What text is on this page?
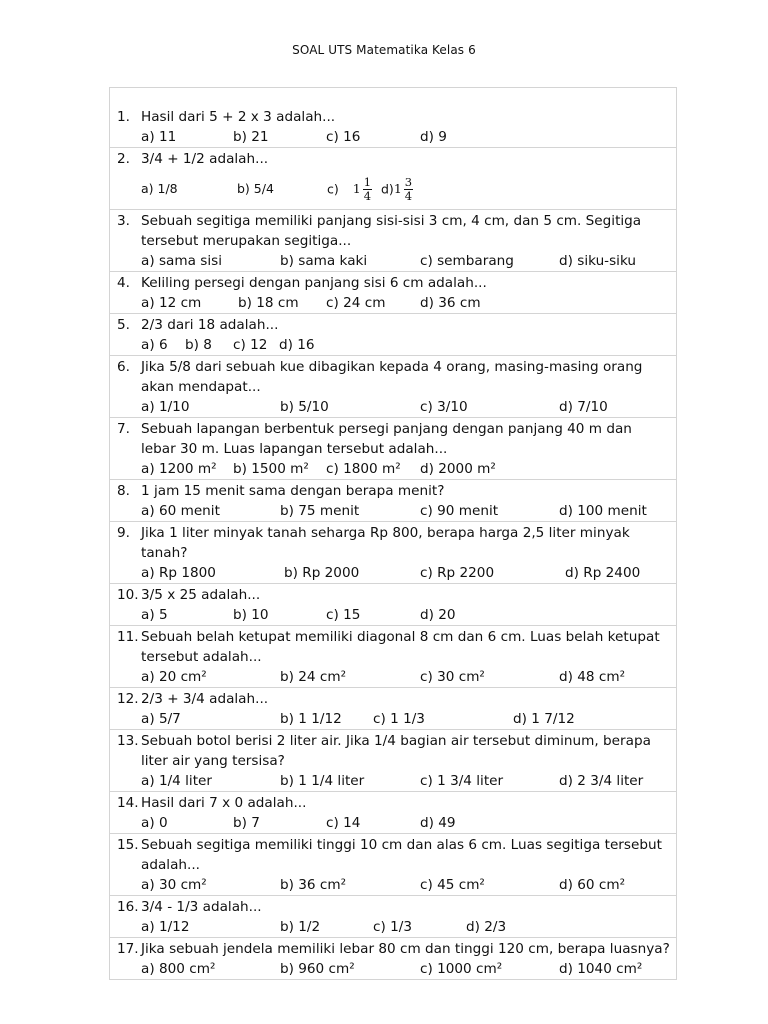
SOAL UTS Matematika Kelas 6
1. Hasil dari 5 + 2 x 3 adalah...
a) 11	b) 21	c) 16	d) 9
2. 3/4 + 1/2 adalah...
a) 1/8	b) 5/4	c) $1 \frac{1}{4} d$) $1 \frac{3}{4}$
3. Sebuah segitiga memiliki panjang sisi-sisi 3 cm, 4 cm, dan 5 cm. Segitiga tersebut merupakan segitiga...
a) sama sisi	b) sama kaki	c) sembarang	d) siku-siku
4. Keliling persegi dengan panjang sisi 6 cm adalah...
a) 12 cm	b) 18 cm	c) 24 cm	d) 36 cm
5. 2/3 dari 18 adalah...
a) 6	b) 8	c) 12 d) 16
6. Jika 5/8 dari sebuah kue dibagikan kepada 4 orang, masing-masing orang akan mendapat...
a) 1/10	b) 5/10	c) 3/10	d) 7/10
7. Sebuah lapangan berbentuk persegi panjang dengan panjang 40 m dan lebar 30 m. Luas lapangan tersebut adalah...
a) 1200 m²	b) 1500 m²	c) 1800 m²	d) 2000 m²
8. 1 jam 15 menit sama dengan berapa menit?
a) 60 menit	b) 75 menit	c) 90 menit	d) 100 menit
9. Jika 1 liter minyak tanah seharga Rp 800, berapa harga 2,5 liter minyak tanah?
a) Rp 1800	b) Rp 2000	c) Rp 2200	d) Rp 2400
10. 3/5 x 25 adalah...
a) 5	b) 10	c) 15	d) 20
11. Sebuah belah ketupat memiliki diagonal 8 cm dan 6 cm. Luas belah ketupat tersebut adalah...
a) 20 cm²	b) 24 cm²	c) 30 cm²	d) 48 cm²
12. 2/3 + 3/4 adalah...
a) 5/7	b) 1 1/12	c) 1 1/3	d) 1 7/12
13. Sebuah botol berisi 2 liter air. Jika 1/4 bagian air tersebut diminum, berapa liter air yang tersisa?
a) 1/4 liter	b) 1 1/4 liter	c) 1 3/4 liter	d) 2 3/4 liter
14. Hasil dari 7 x 0 adalah...
a) 0	b) 7	c) 14	d) 49
15. Sebuah segitiga memiliki tinggi 10 cm dan alas 6 cm. Luas segitiga tersebut adalah...
a) 30 cm²	b) 36 cm²	c) 45 cm²	d) 60 cm²
16. 3/4 - 1/3 adalah...
a) 1/12	b) 1/2	c) 1/3	d) 2/3
17. Jika sebuah jendela memiliki lebar 80 cm dan tinggi 120 cm, berapa luasnya?
a) 800 cm²	b) 960 cm²	c) 1000 cm²	d) 1040 cm²
